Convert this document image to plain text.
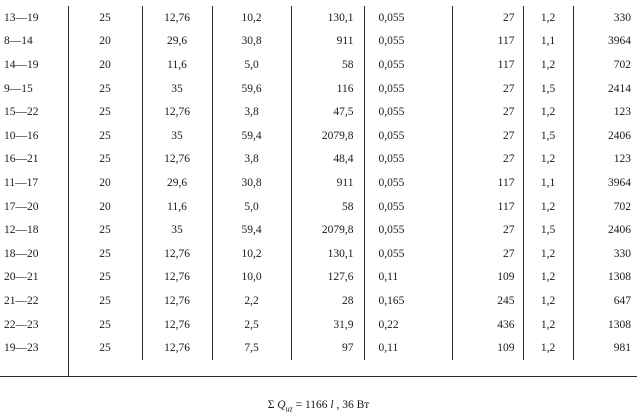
13—19	25	12,76	10,2	130,1	0,055	27	1,2	330
8—14	20	29,6	30,8	911	0,055	117	1,1	3964
14—19	20	11,6	5,0	58	0,055	117	1,2	702
9—15	25	35	59,6	116	0,055	27	1,5	2414
15—22	25	12,76	3,8	47,5	0,055	27	1,2	123
10—16	25	35	59,4	2079,8	0,055	27	1,5	2406
16—21	25	12,76	3,8	48,4	0,055	27	1,2	123
11—17	20	29,6	30,8	911	0,055	117	1,1	3964
17—20	20	11,6	5,0	58	0,055	117	1,2	702
12—18	25	35	59,4	2079,8	0,055	27	1,5	2406
18—20	25	12,76	10,2	130,1	0,055	27	1,2	330
20—21	25	12,76	10,0	127,6	0,11	109	1,2	1308
21—22	25	12,76	2,2	28	0,165	245	1,2	647
22—23	25	12,76	2,5	31,9	0,22	436	1,2	1308
19—23	25	12,76	7,5	97	0,11	109	1,2	981
Σ $Q_{uz} = 1166$ l , 36 Вт
